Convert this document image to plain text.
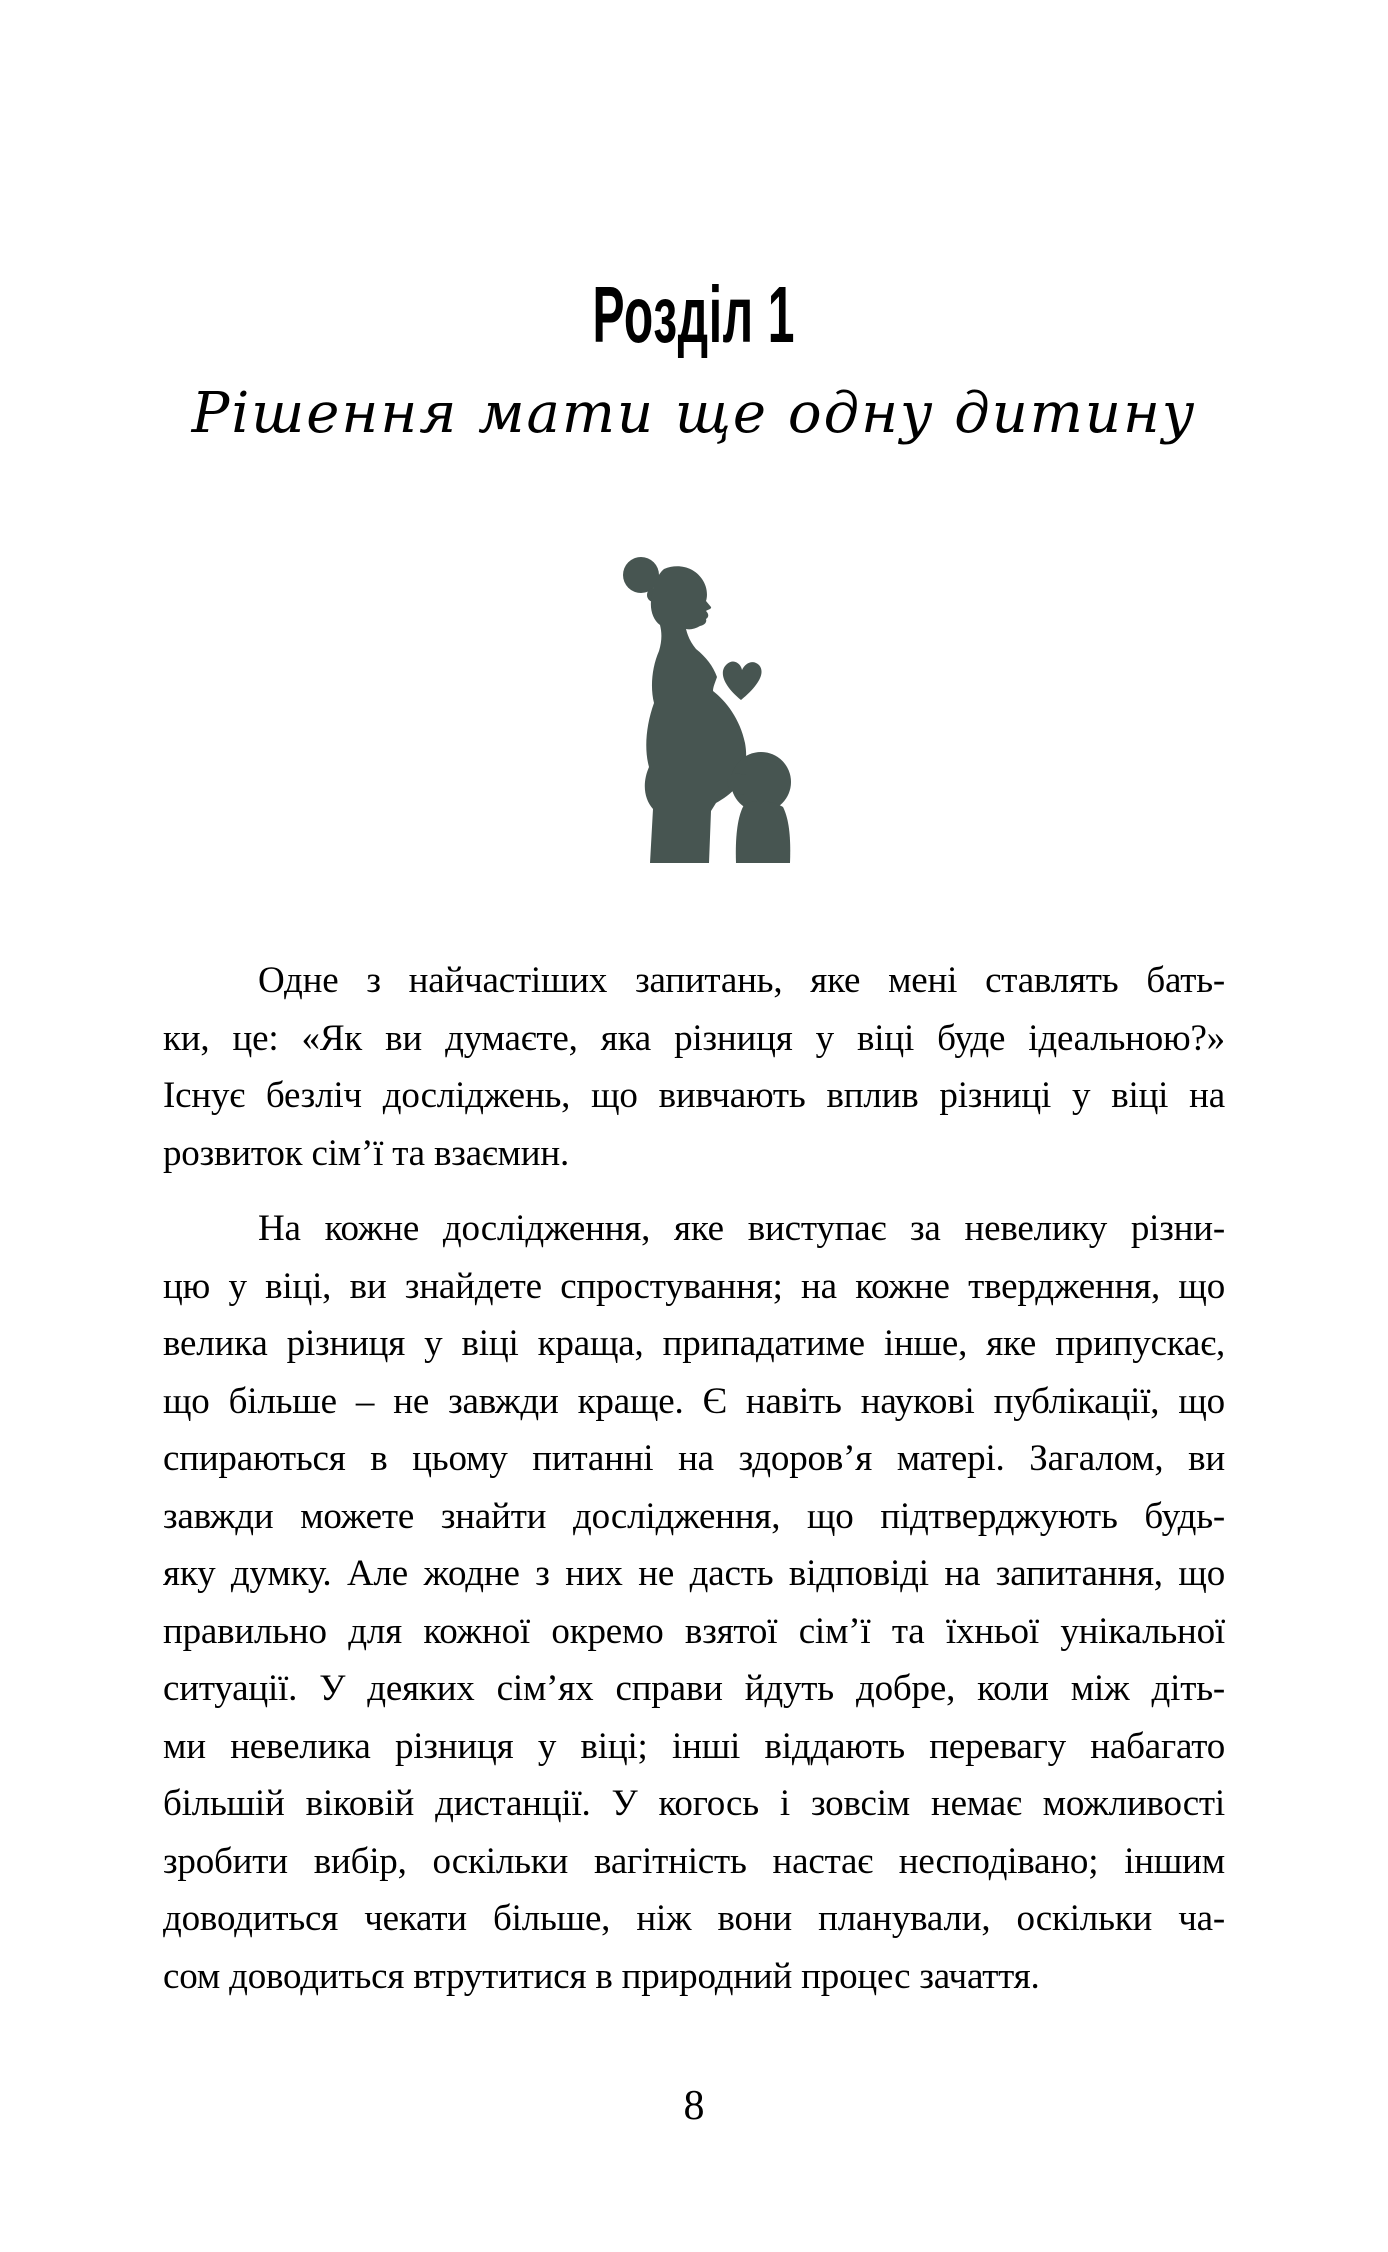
Розділ 1
Рішення мати ще одну дитину
Одне з найчастіших запитань, яке мені ставлять бать-
ки, це: «Як ви думаєте, яка різниця у віці буде ідеальною?»
Існує безліч досліджень, що вивчають вплив різниці у віці на
розвиток сім’ї та взаємин.
На кожне дослідження, яке виступає за невелику різни-
цю у віці, ви знайдете спростування; на кожне твердження, що
велика різниця у віці краща, припадатиме інше, яке припускає,
що більше – не завжди краще. Є навіть наукові публікації, що
спираються в цьому питанні на здоров’я матері. Загалом, ви
завжди можете знайти дослідження, що підтверджують будь-
яку думку. Але жодне з них не дасть відповіді на запитання, що
правильно для кожної окремо взятої сім’ї та їхньої унікальної
ситуації. У деяких сім’ях справи йдуть добре, коли між діть-
ми невелика різниця у віці; інші віддають перевагу набагато
більшій віковій дистанції. У когось і зовсім немає можливості
зробити вибір, оскільки вагітність настає несподівано; іншим
доводиться чекати більше, ніж вони планували, оскільки ча-
сом доводиться втрутитися в природний процес зачаття.
8
